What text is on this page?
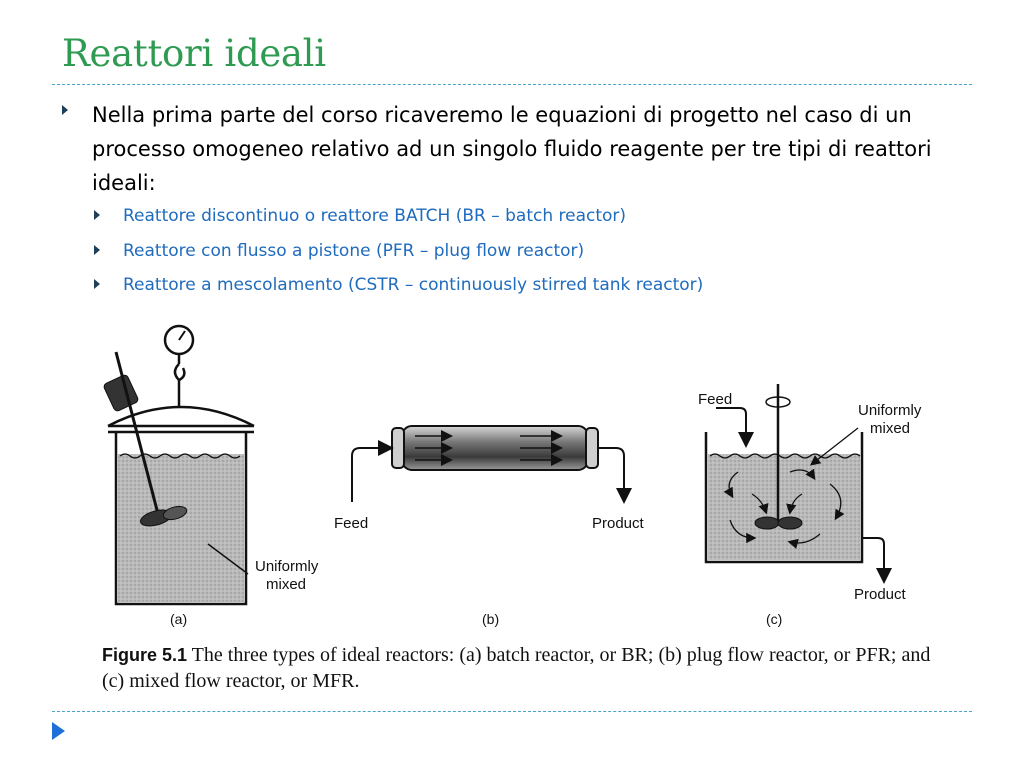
Reattori ideali
Nella prima parte del corso ricaveremo le equazioni di progetto nel caso di un processo omogeneo relativo ad un singolo fluido reagente per tre tipi di reattori ideali:
Reattore discontinuo o reattore BATCH (BR – batch reactor)
Reattore con flusso a pistone (PFR – plug flow reactor)
Reattore a mescolamento (CSTR – continuously stirred tank reactor)
Uniformly
mixed
Feed	Product
Feed
Uniformly
mixed
Product
(a)	(b)	(c)
Figure 5.1 The three types of ideal reactors: (a) batch reactor, or BR; (b) plug flow reactor, or PFR; and (c) mixed flow reactor, or MFR.
